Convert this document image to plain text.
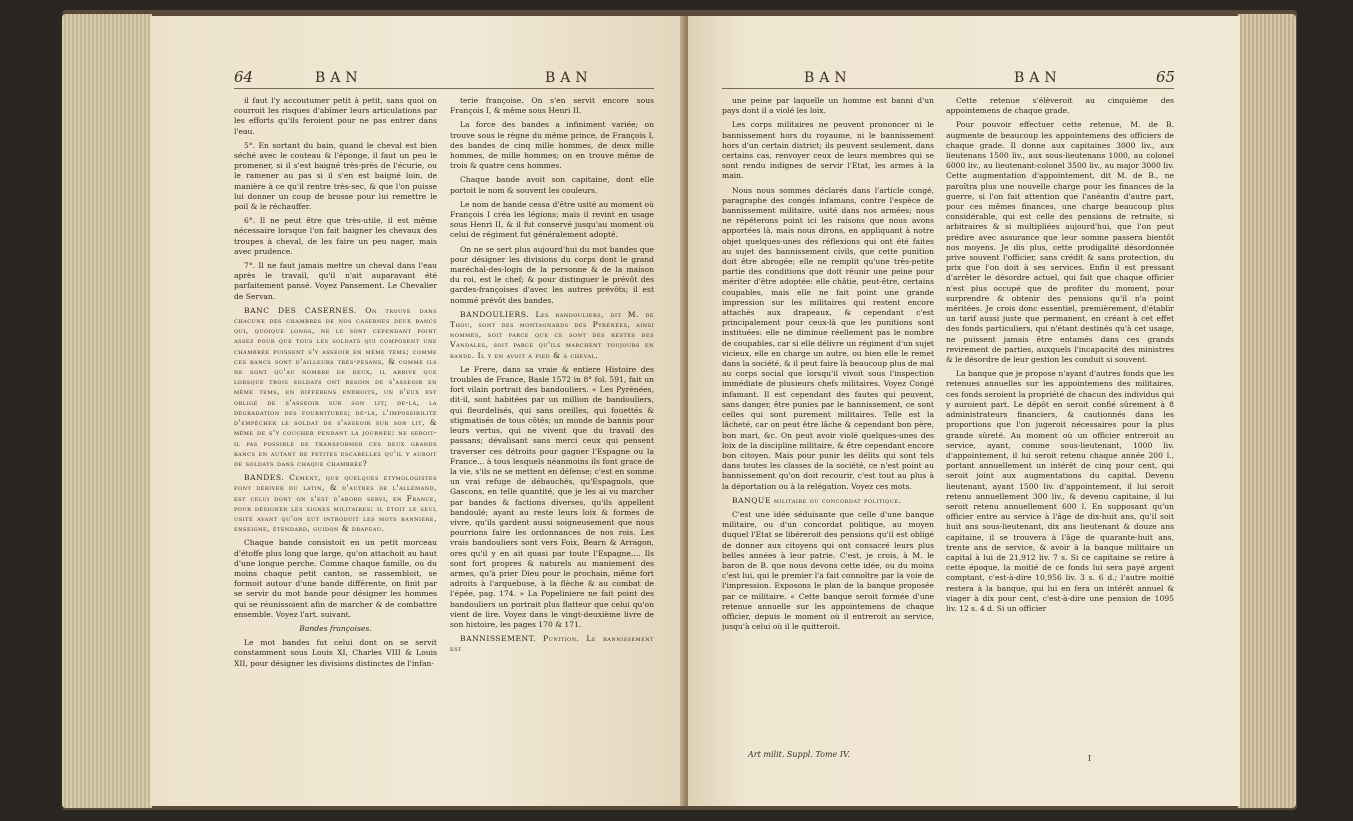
64	BAN	BAN

il faut l'y accoutumer petit à petit, sans quoi on courroit les risques d'abîmer leurs articulations par les efforts qu'ils feroient pour ne pas entrer dans l'eau.

5°. En sortant du bain, quand le cheval est bien séché avec le couteau & l'éponge, il faut un peu le promener, si il s'est baigné très-près de l'écurie, ou le ramener au pas si il s'en est baigné loin, de manière à ce qu'il rentre très-sec, & que l'on puisse lui donner un coup de brosse pour lui remettre le poil & le réchauffer.

6°. Il ne peut être que très-utile, il est même nécessaire lorsque l'on fait baigner les chevaux des troupes à cheval, de les faire un peu nager, mais avec prudence.

7°. Il ne faut jamais mettre un cheval dans l'eau après le travail, qu'il n'ait auparavant été parfaitement pansé. Voyez Pansement. Le Chevalier de Servan.

BANC DES CASERNES. On trouve dans chacune des chambres de nos casernes deux bancs qui, quoique longs, ne le sont cependant point assez pour que tous les soldats qui composent une chambrée puissent s'y asseoir en même tems; comme ces bancs sont d'ailleurs très-pesans, & comme ils ne sont qu'au nombre de deux, il arrive que lorsque trois soldats ont besoin de s'asseoir en même tems, en différens endroits, un d'eux est obligé de s'asseoir sur son lit; de-là, la dégradation des fournitures; de-là, l'impossibilité d'empêcher le soldat de s'asseoir sur son lit, & même de s'y coucher pendant la journée: ne seroit-il pas possible de transformer ces deux grands bancs en autant de petites escabelles qu'il y auroit de soldats dans chaque chambrée?

BANDES. Cement, que quelques étymologistes font dériver du latin, & d'autres de l'allemand, est celui dont on s'est d'abord servi, en France, pour désigner les signes militaires: il étoit le seul usité avant qu'on eut introduit les mots bannière, enseigne, étendard, guidon & drapeau.

Chaque bande consistoit en un petit morceau d'étoffe plus long que large, qu'on attachoit au haut d'une longue perche. Comme chaque famille, ou du moins chaque petit canton, se rassembloit, se formoit autour d'une bande différente, on finit par se servir du mot bande pour désigner les hommes qui se réunissoient afin de marcher & de combattre ensemble. Voyez l'art. suivant.

Bandes françoises.

Le mot bandes fut celui dont on se servit constamment sous Louis XI, Charles VIII & Louis XII, pour désigner les divisions distinctes de l'infan-

terie françoise. On s'en servit encore sous François I, & même sous Henri II.

La force des bandes a infiniment variée; on trouve sous le règne du même prince, de François I, des bandes de cinq mille hommes, de deux mille hommes, de mille hommes; on en trouve même de trois & quatre cens hommes.

Chaque bande avoit son capitaine, dont elle portoit le nom & souvent les couleurs.

Le nom de bande cessa d'être usité au moment où François I créa les légions; mais il revint en usage sous Henri II, & il fut conservé jusqu'au moment où celui de régiment fut généralement adopté.

On ne se sert plus aujourd'hui du mot bandes que pour désigner les divisions du corps dont le grand maréchal-des-logis de la personne & de la maison du roi, est le chef; & pour distinguer le prévôt des gardes-françoises d'avec les autres prévôts; il est nommé prévôt des bandes.

BANDOULIERS. Les bandouliers, dit M. de Thou, sont des montagnards des Pyrénées, ainsi nommés, soit parce que ce sont des restes des Vandales, soit parce qu'ils marchent toujours en bande. Il y en avoit à pied & à cheval.

Le Frere, dans sa vraie & entiere Histoire des troubles de France, Basle 1572 in 8° fol. 591, fait un fort vilain portrait des bandouliers. « Les Pyrénées, dit-il, sont habitées par un million de bandouliers, qui fleurdelisés, qui sans oreilles, qui fouettés & stigmatisés de tous côtés; un monde de bannis pour leurs vertus, qui ne vivent que du travail des passans; dévalisant sans merci ceux qui pensent traverser ces détroits pour gagner l'Espagne ou la France... à tous lesquels néanmoins ils font grace de la vie, s'ils ne se mettent en défense; c'est en somme un vrai refuge de débauchés, qu'Espagnols, que Gascons, en telle quantité, que je les ai vu marcher par bandes & factions diverses, qu'ils appellent bandoulé; ayant au reste leurs loix & formes de vivre, qu'ils gardent aussi soigneusement que nous pourrions faire les ordonnances de nos rois. Les vrais bandouliers sont vers Foix, Bearn & Arragon, ores qu'il y en ait quasi par toute l'Espagne.... Ils sont fort propres & naturels au maniement des armes, qu'à prier Dieu pour le prochain, même fort adroits à l'arquebuse, à la flèche & au combat de l'épée, pag. 174. » La Popeliniere ne fait point des bandouliers un portrait plus flatteur que celui qu'on vient de lire. Voyez dans le vingt-deuxième livre de son histoire, les pages 170 & 171.

BANNISSEMENT. Punition. Le bannissement est

BAN	BAN	65

une peine par laquelle un homme est banni d'un pays dont il a violé les loix.

Les corps militaires ne peuvent prononcer ni le bannissement hors du royaume, ni le bannissement hors d'un certain district; ils peuvent seulement, dans certains cas, renvoyer ceux de leurs membres qui se sont rendu indignes de servir l'Etat, les armes à la main.

Nous nous sommes déclarés dans l'article congé, paragraphe des congés infamans, contre l'espèce de bannissement militaire, usité dans nos armées; nous ne répéterons point ici les raisons que nous avons apportées là, mais nous dirons, en appliquant à notre objet quelques-unes des réflexions qui ont été faites au sujet des bannissement civils, que cette punition doit être abrogée; elle ne remplit qu'une très-petite partie des conditions que doit réunir une peine pour mériter d'être adoptée: elle châtie, peut-être, certains coupables, mais elle ne fait point une grande impression sur les militaires qui restent encore attachés aux drapeaux, & cependant c'est principalement pour ceux-là que les punitions sont instituées: elle ne diminue réellement pas le nombre de coupables, car si elle délivre un régiment d'un sujet vicieux, elle en charge un autre, ou bien elle le remet dans la société, & il peut faire là beaucoup plus de mal au corps social que lorsqu'il vivoit sous l'inspection immédiate de plusieurs chefs militaires. Voyez Congé infamant. Il est cependant des fautes qui peuvent, sans danger, être punies par le bannissement, ce sont celles qui sont purement militaires. Telle est la lâcheté, car on peut être lâche & cependant bon père, bon mari, &c. On peut avoir violé quelques-unes des loix de la discipline militaire, & être cependant encore bon citoyen. Mais pour punir les délits qui sont tels dans toutes les classes de la société, ce n'est point au bannissement qu'on doit recourir, c'est tout au plus à la déportation ou à la relégation. Voyez ces mots.

BANQUE militaire ou concordat politique.

C'est une idée séduisante que celle d'une banque militaire, ou d'un concordat politique, au moyen duquel l'Etat se libéreroit des pensions qu'il est obligé de donner aux citoyens qui ont consacré leurs plus belles années à leur patrie. C'est, je crois, à M. le baron de B. que nous devons cette idée, ou du moins c'est lui, qui le premier l'a fait connoître par la voie de l'impression. Exposons le plan de la banque proposée par ce militaire. « Cette banque seroit formée d'une retenue annuelle sur les appointemens de chaque officier, depuis le moment où il entreroit au service, jusqu'à celui où il le quitteroit.

Cette retenue s'élèveroit au cinquième des appointemens de chaque grade.

Pour pouvoir effectuer cette retenue, M. de B. augmente de beaucoup les appointemens des officiers de chaque grade. Il donne aux capitaines 3000 liv., aux lieutenans 1500 liv., aux sous-lieutenans 1000, au colonel 6000 liv., au lieutenant-colonel 3500 liv., au major 3000 liv. Cette augmentation d'appointement, dit M. de B., ne paroîtra plus une nouvelle charge pour les finances de la guerre, si l'on fait attention que l'anéantis d'autre part, pour ces mêmes finances, une charge beaucoup plus considérable, qui est celle des pensions de retraite, si arbitraires & si multipliées aujourd'hui, que l'on peut prédire avec assurance que leur somme passera bientôt nos moyens. Je dis plus, cette prodigalité désordonnée prive souvent l'officier, sans crédit & sans protection, du prix que l'on doit à ses services. Enfin il est pressant d'arrêter le désordre actuel, qui fait que chaque officier n'est plus occupé que de profiter du moment, pour surprendre & obtenir des pensions qu'il n'a point méritées. Je crois donc essentiel, premièrement, d'établir un tarif aussi juste que permanent, en créant à cet effet des fonds particuliers, qui n'étant destinés qu'à cet usage, ne puissent jamais être entamés dans ces grands revirement de parties, auxquels l'incapacité des ministres & le désordre de leur gestion les conduit si souvent.

La banque que je propose n'ayant d'autres fonds que les retenues annuelles sur les appointemens des militaires, ces fonds seroient la propriété de chacun des individus qui y auroient part. Le dépôt en seroit confié sûrement à 8 administrateurs financiers, & cautionnés dans les proportions que l'on jugeroit nécessaires pour la plus grande sûreté. Au moment où un officier entreroit au service, ayant, comme sous-lieutenant, 1000 liv. d'appointement, il lui seroit retenu chaque année 200 l., portant annuellement un intérêt de cinq pour cent, qui seroit joint aux augmentations du capital. Devenu lieutenant, ayant 1500 liv. d'appointement, il lui seroit retenu annuellement 300 liv., & devenu capitaine, il lui seroit retenu annuellement 600 l. En supposant qu'un officier entre au service à l'âge de dix-huit ans, qu'il soit huit ans sous-lieutenant, dix ans lieutenant & douze ans capitaine, il se trouvera à l'âge de quarante-huit ans, trente ans de service, & avoir à la banque militaire un capital à lui de 21,912 liv. 7 s. Si ce capitaine se retire à cette époque, la moitié de ce fonds lui sera payé argent comptant, c'est-à-dire 10,956 liv. 3 s. 6 d.; l'autre moitié restera à la banque, qui lui en fera un intérêt annuel & viager à dix pour cent, c'est-à-dire une pension de 1095 liv. 12 s. 4 d. Si un officier

Art milit. Suppl. Tome IV.	I
